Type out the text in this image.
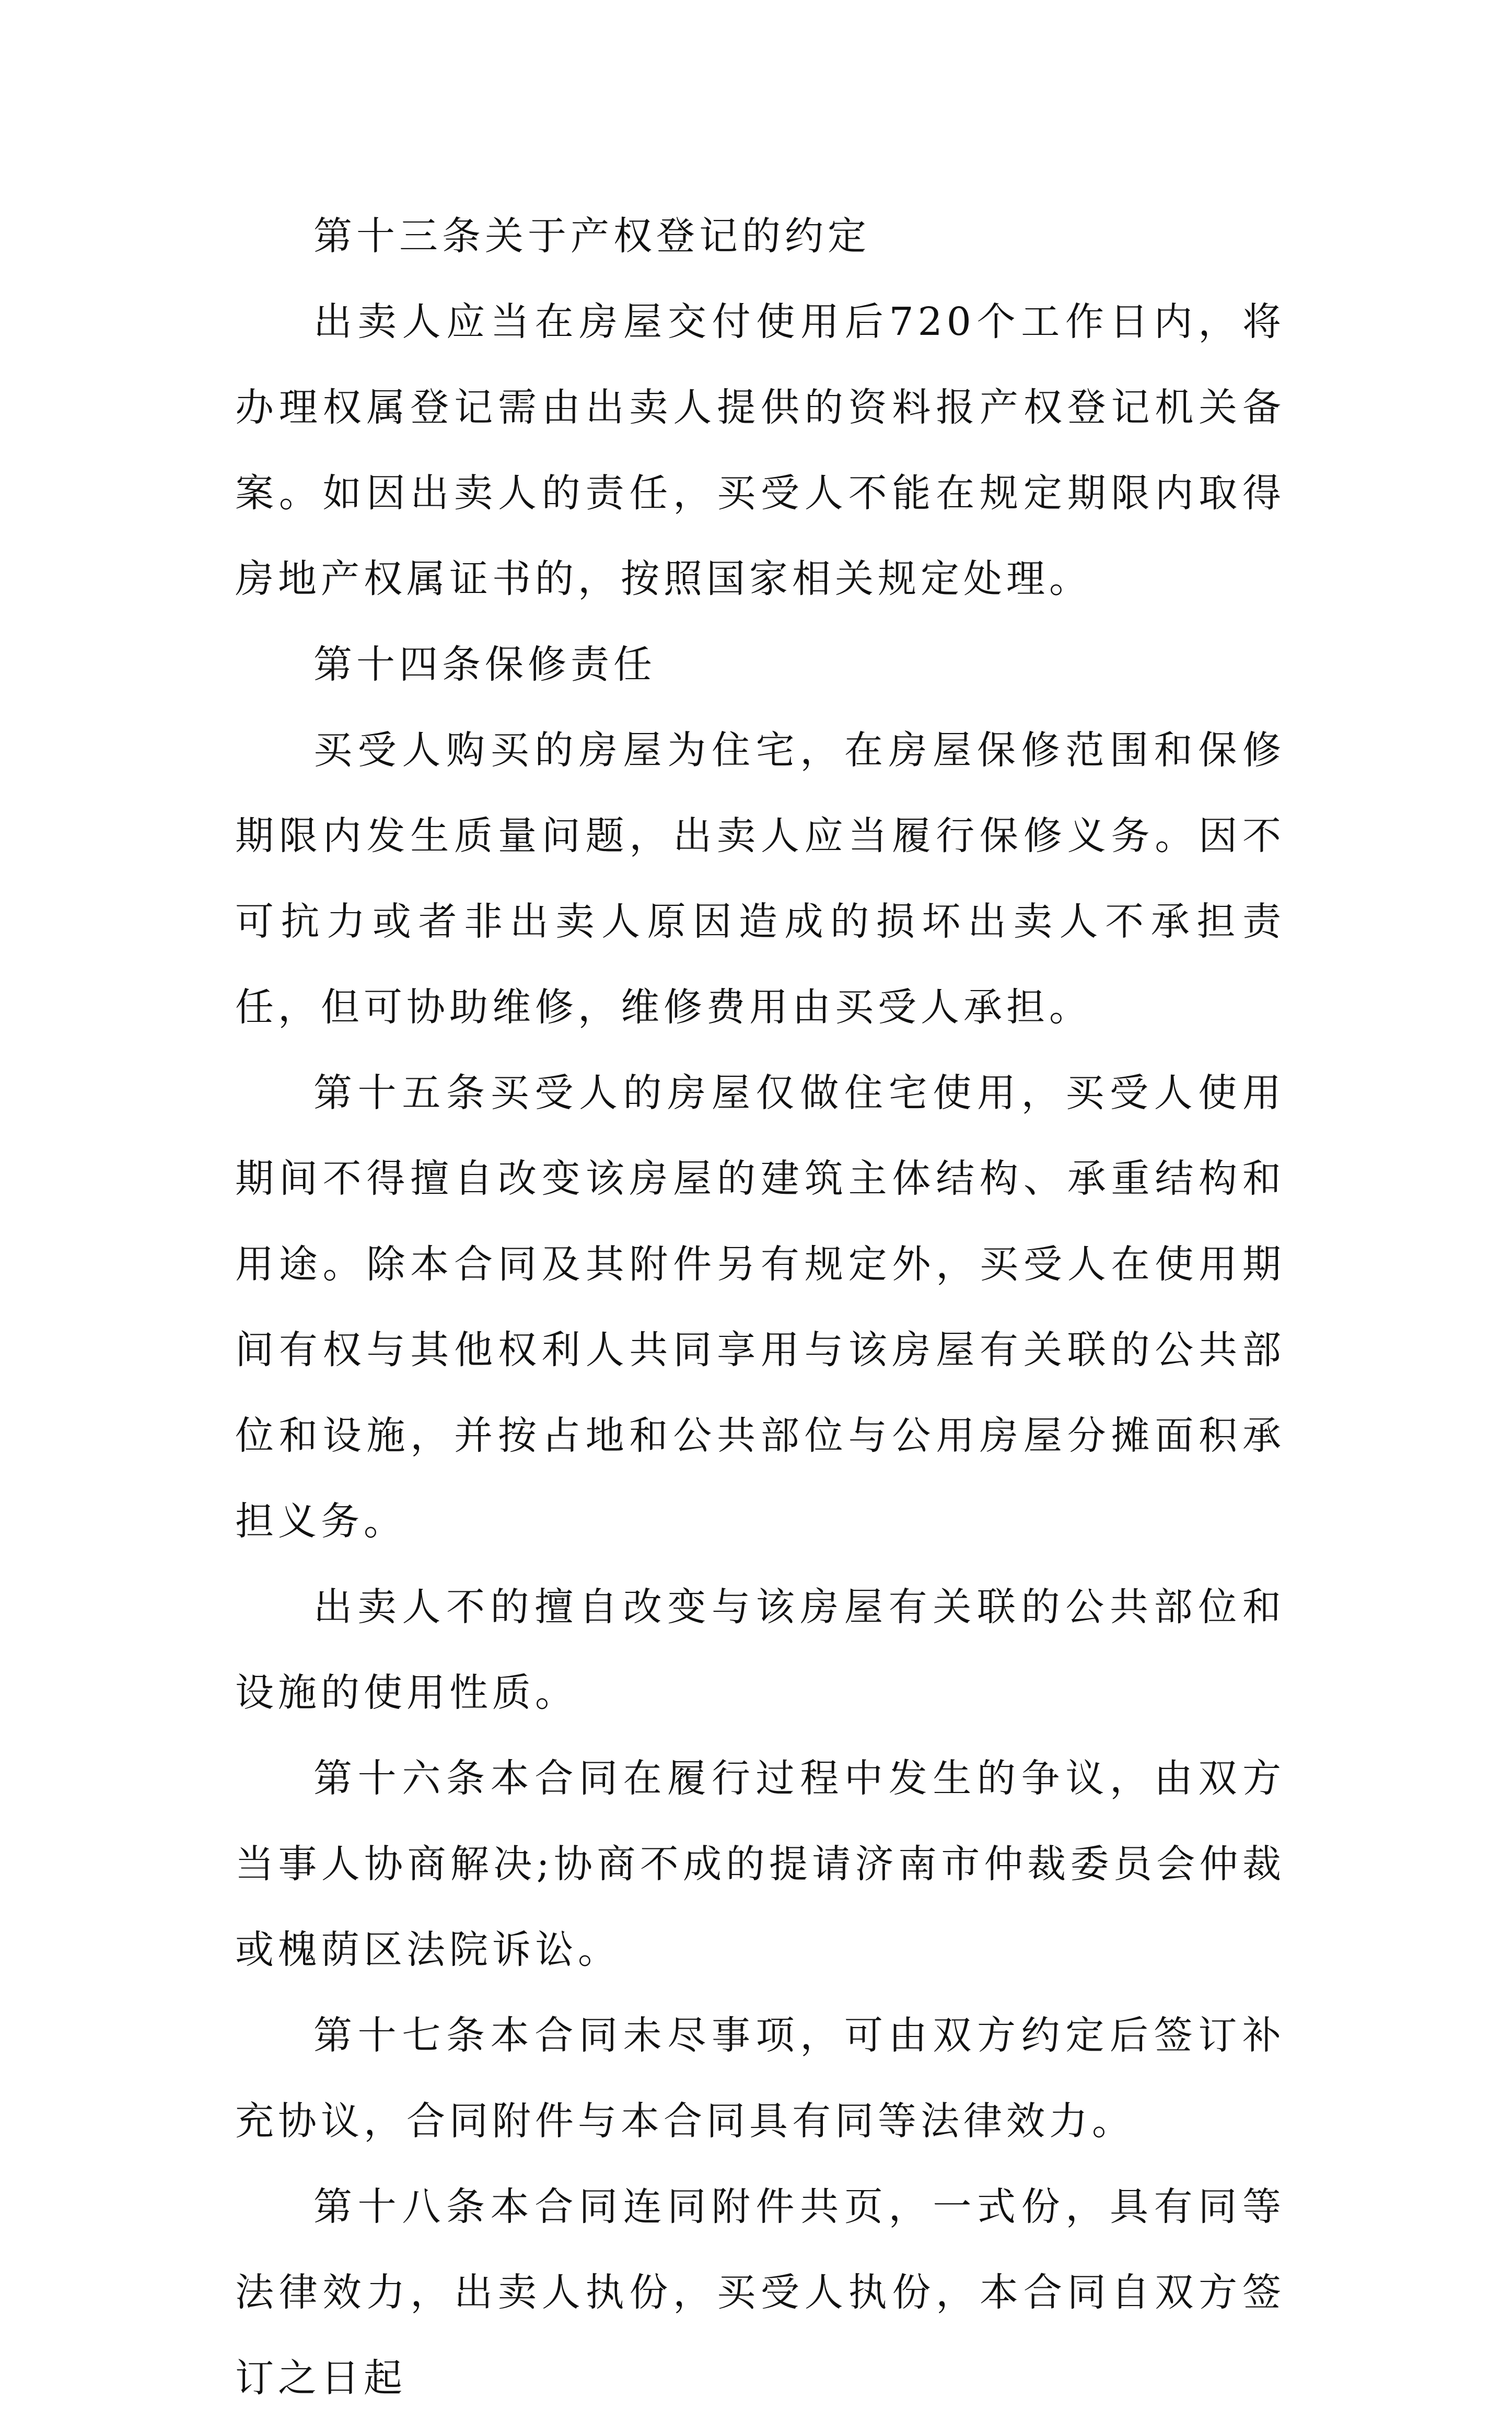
第十三条关于产权登记的约定

出卖人应当在房屋交付使用后720个工作日内，将办理权属登记需由出卖人提供的资料报产权登记机关备案。如因出卖人的责任，买受人不能在规定期限内取得房地产权属证书的，按照国家相关规定处理。

第十四条保修责任

买受人购买的房屋为住宅，在房屋保修范围和保修期限内发生质量问题，出卖人应当履行保修义务。因不可抗力或者非出卖人原因造成的损坏出卖人不承担责任，但可协助维修，维修费用由买受人承担。

第十五条买受人的房屋仅做住宅使用，买受人使用期间不得擅自改变该房屋的建筑主体结构、承重结构和用途。除本合同及其附件另有规定外，买受人在使用期间有权与其他权利人共同享用与该房屋有关联的公共部位和设施，并按占地和公共部位与公用房屋分摊面积承担义务。

出卖人不的擅自改变与该房屋有关联的公共部位和设施的使用性质。

第十六条本合同在履行过程中发生的争议，由双方当事人协商解决;协商不成的提请济南市仲裁委员会仲裁或槐荫区法院诉讼。

第十七条本合同未尽事项，可由双方约定后签订补充协议，合同附件与本合同具有同等法律效力。

第十八条本合同连同附件共页，一式份，具有同等法律效力，出卖人执份，买受人执份，本合同自双方签订之日起
